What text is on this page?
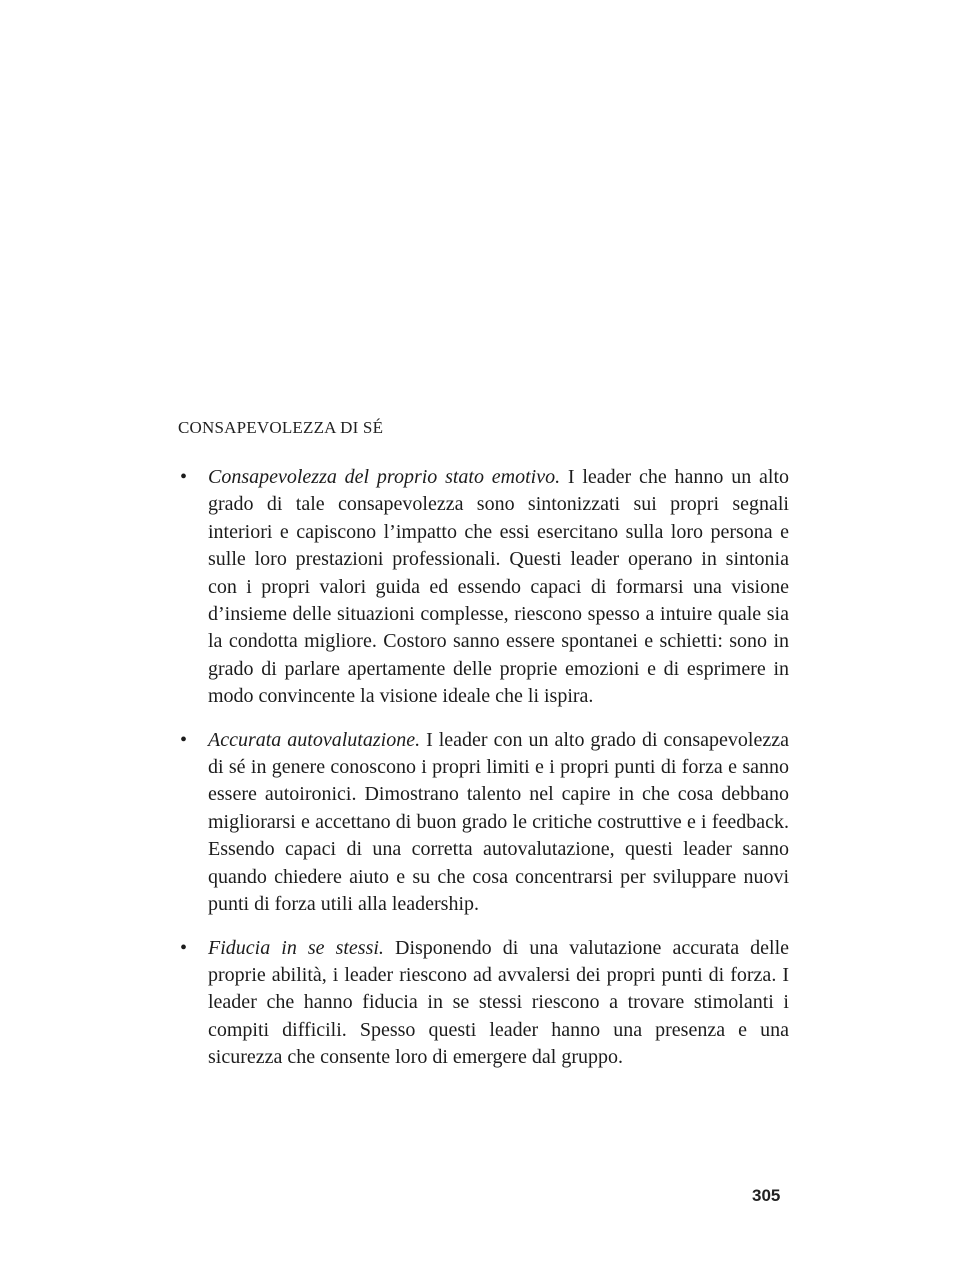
CONSAPEVOLEZZA DI SÉ
•	Consapevolezza del proprio stato emotivo. I leader che hanno un alto grado di tale consapevolezza sono sintonizzati sui propri segnali interiori e capiscono l’impatto che essi esercitano sulla loro persona e sulle loro prestazioni professionali. Questi leader operano in sintonia con i propri valori guida ed essendo capaci di formarsi una visione d’insieme delle situazioni complesse, riescono spesso a intuire quale sia la condotta migliore. Costoro sanno essere spontanei e schietti: sono in grado di parlare apertamente delle proprie emozioni e di esprimere in modo convincente la visione ideale che li ispira.
•	Accurata autovalutazione. I leader con un alto grado di consapevolezza di sé in genere conoscono i propri limiti e i propri punti di forza e sanno essere autoironici. Dimostrano talento nel capire in che cosa debbano migliorarsi e accettano di buon grado le critiche costruttive e i feedback. Essendo capaci di una corretta autovalutazione, questi leader sanno quando chiedere aiuto e su che cosa concentrarsi per sviluppare nuovi punti di forza utili alla leadership.
•	Fiducia in se stessi. Disponendo di una valutazione accurata delle proprie abilità, i leader riescono ad avvalersi dei propri punti di forza. I leader che hanno fiducia in se stessi riescono a trovare stimolanti i compiti difficili. Spesso questi leader hanno una presenza e una sicurezza che consente loro di emergere dal gruppo.
305
